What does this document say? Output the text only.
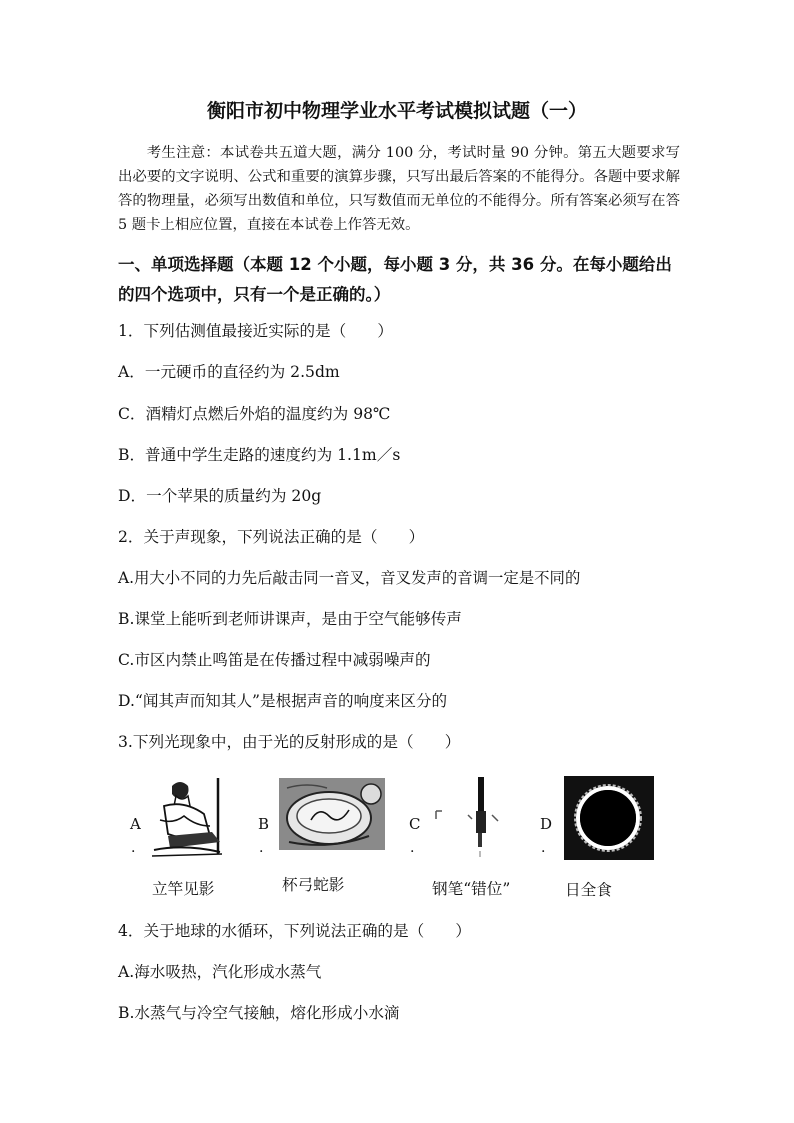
衡阳市初中物理学业水平考试模拟试题（一）
考生注意：本试卷共五道大题，满分 100 分，考试时量 90 分钟。第五大题要求写出必要的文字说明、公式和重要的演算步骤，只写出最后答案的不能得分。各题中要求解答的物理量，必须写出数值和单位，只写数值而无单位的不能得分。所有答案必须写在答 5 题卡上相应位置，直接在本试卷上作答无效。
一、单项选择题（本题 12 个小题，每小题 3 分，共 36 分。在每小题给出的四个选项中，只有一个是正确的。）
1．下列估测值最接近实际的是（　　）
A．一元硬币的直径约为 2.5dm
C．酒精灯点燃后外焰的温度约为 98℃
B．普通中学生走路的速度约为 1.1m／s
D．一个苹果的质量约为 20g
2．关于声现象，下列说法正确的是（　　）
A.用大小不同的力先后敲击同一音叉，音叉发声的音调一定是不同的
B.课堂上能听到老师讲课声，是由于空气能够传声
C.市区内禁止鸣笛是在传播过程中减弱噪声的
D.“闻其声而知其人”是根据声音的响度来区分的
3.下列光现象中，由于光的反射形成的是（　　）
A
.
B
.
C
.
D
.
立竿见影	杯弓蛇影	钢笔“错位”	日全食
4．关于地球的水循环，下列说法正确的是（　　）
A.海水吸热，汽化形成水蒸气
B.水蒸气与冷空气接触，熔化形成小水滴
